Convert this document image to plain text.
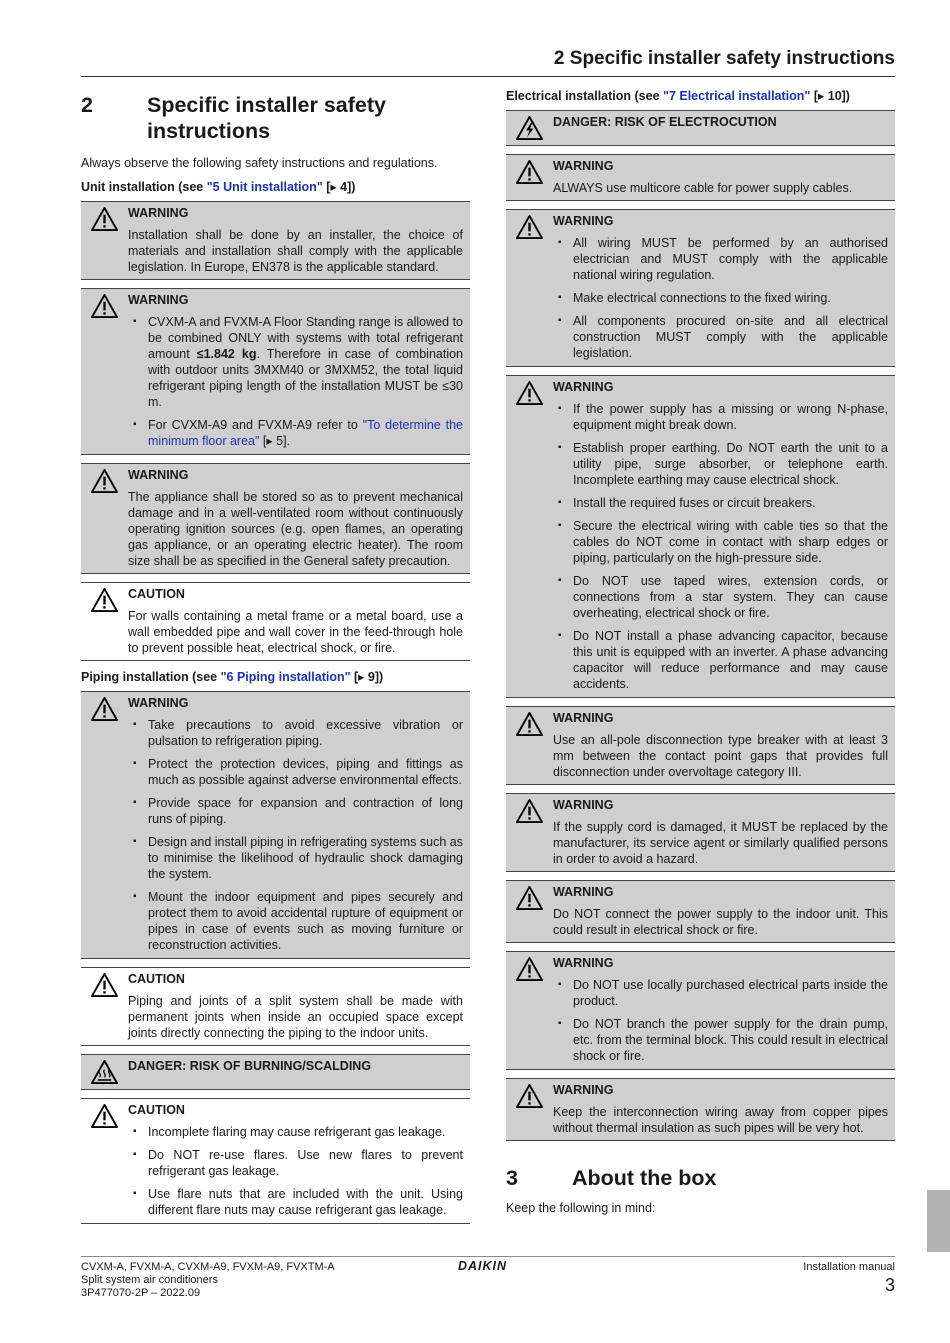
2 Specific installer safety instructions
2	Specific installer safety instructions
Always observe the following safety instructions and regulations.
Unit installation (see "5 Unit installation" [▸ 4])
WARNING
Installation shall be done by an installer, the choice of materials and installation shall comply with the applicable legislation. In Europe, EN378 is the applicable standard.
WARNING
▪ CVXM-A and FVXM-A Floor Standing range is allowed to be combined ONLY with systems with total refrigerant amount ≤1.842 kg. Therefore in case of combination with outdoor units 3MXM40 or 3MXM52, the total liquid refrigerant piping length of the installation MUST be ≤30 m.
▪ For CVXM-A9 and FVXM-A9 refer to "To determine the minimum floor area" [▸ 5].
WARNING
The appliance shall be stored so as to prevent mechanical damage and in a well-ventilated room without continuously operating ignition sources (e.g. open flames, an operating gas appliance, or an operating electric heater). The room size shall be as specified in the General safety precaution.
CAUTION
For walls containing a metal frame or a metal board, use a wall embedded pipe and wall cover in the feed-through hole to prevent possible heat, electrical shock, or fire.
Piping installation (see "6 Piping installation" [▸ 9])
WARNING
▪ Take precautions to avoid excessive vibration or pulsation to refrigeration piping.
▪ Protect the protection devices, piping and fittings as much as possible against adverse environmental effects.
▪ Provide space for expansion and contraction of long runs of piping.
▪ Design and install piping in refrigerating systems such as to minimise the likelihood of hydraulic shock damaging the system.
▪ Mount the indoor equipment and pipes securely and protect them to avoid accidental rupture of equipment or pipes in case of events such as moving furniture or reconstruction activities.
CAUTION
Piping and joints of a split system shall be made with permanent joints when inside an occupied space except joints directly connecting the piping to the indoor units.
DANGER: RISK OF BURNING/SCALDING
CAUTION
▪ Incomplete flaring may cause refrigerant gas leakage.
▪ Do NOT re-use flares. Use new flares to prevent refrigerant gas leakage.
▪ Use flare nuts that are included with the unit. Using different flare nuts may cause refrigerant gas leakage.
Electrical installation (see "7 Electrical installation" [▸ 10])
DANGER: RISK OF ELECTROCUTION
WARNING
ALWAYS use multicore cable for power supply cables.
WARNING
▪ All wiring MUST be performed by an authorised electrician and MUST comply with the applicable national wiring regulation.
▪ Make electrical connections to the fixed wiring.
▪ All components procured on-site and all electrical construction MUST comply with the applicable legislation.
WARNING
▪ If the power supply has a missing or wrong N-phase, equipment might break down.
▪ Establish proper earthing. Do NOT earth the unit to a utility pipe, surge absorber, or telephone earth. Incomplete earthing may cause electrical shock.
▪ Install the required fuses or circuit breakers.
▪ Secure the electrical wiring with cable ties so that the cables do NOT come in contact with sharp edges or piping, particularly on the high-pressure side.
▪ Do NOT use taped wires, extension cords, or connections from a star system. They can cause overheating, electrical shock or fire.
▪ Do NOT install a phase advancing capacitor, because this unit is equipped with an inverter. A phase advancing capacitor will reduce performance and may cause accidents.
WARNING
Use an all-pole disconnection type breaker with at least 3 mm between the contact point gaps that provides full disconnection under overvoltage category III.
WARNING
If the supply cord is damaged, it MUST be replaced by the manufacturer, its service agent or similarly qualified persons in order to avoid a hazard.
WARNING
Do NOT connect the power supply to the indoor unit. This could result in electrical shock or fire.
WARNING
▪ Do NOT use locally purchased electrical parts inside the product.
▪ Do NOT branch the power supply for the drain pump, etc. from the terminal block. This could result in electrical shock or fire.
WARNING
Keep the interconnection wiring away from copper pipes without thermal insulation as such pipes will be very hot.
3	About the box
Keep the following in mind:
CVXM-A, FVXM-A, CVXM-A9, FVXM-A9, FVXTM-A
Split system air conditioners
3P477070-2P – 2022.09
DAIKIN	Installation manual
3
